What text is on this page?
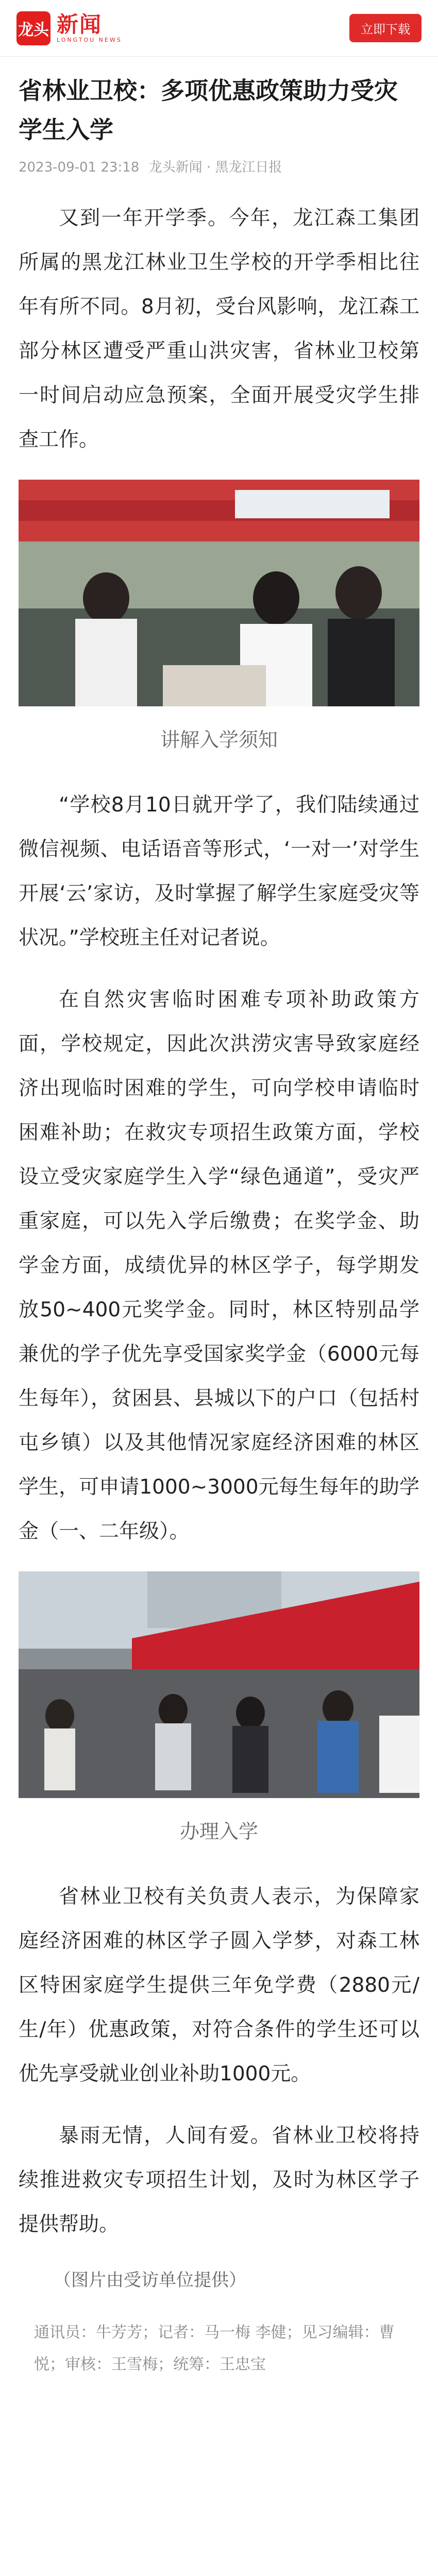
龙头 新闻
LONGTOU NEWS
立即下载
省林业卫校：多项优惠政策助力受灾学生入学
2023-09-01 23:18 龙头新闻 · 黑龙江日报

又到一年开学季。今年，龙江森工集团所属的黑龙江林业卫生学校的开学季相比往年有所不同。8月初，受台风影响，龙江森工部分林区遭受严重山洪灾害，省林业卫校第一时间启动应急预案，全面开展受灾学生排查工作。

讲解入学须知

“学校8月10日就开学了，我们陆续通过微信视频、电话语音等形式，‘一对一’对学生开展‘云’家访，及时掌握了解学生家庭受灾等状况。”学校班主任对记者说。

在自然灾害临时困难专项补助政策方面，学校规定，因此次洪涝灾害导致家庭经济出现临时困难的学生，可向学校申请临时困难补助；在救灾专项招生政策方面，学校设立受灾家庭学生入学“绿色通道”，受灾严重家庭，可以先入学后缴费；在奖学金、助学金方面，成绩优异的林区学子，每学期发放50~400元奖学金。同时，林区特别品学兼优的学子优先享受国家奖学金（6000元每生每年），贫困县、县城以下的户口（包括村屯乡镇）以及其他情况家庭经济困难的林区学生，可申请1000~3000元每生每年的助学金（一、二年级）。

办理入学

省林业卫校有关负责人表示，为保障家庭经济困难的林区学子圆入学梦，对森工林区特困家庭学生提供三年免学费（2880元/生/年）优惠政策，对符合条件的学生还可以优先享受就业创业补助1000元。

暴雨无情，人间有爱。省林业卫校将持续推进救灾专项招生计划，及时为林区学子提供帮助。

（图片由受访单位提供）
通讯员：牛芳芳；记者：马一梅 李健；见习编辑：曹悦；审核：王雪梅；统筹：王忠宝
